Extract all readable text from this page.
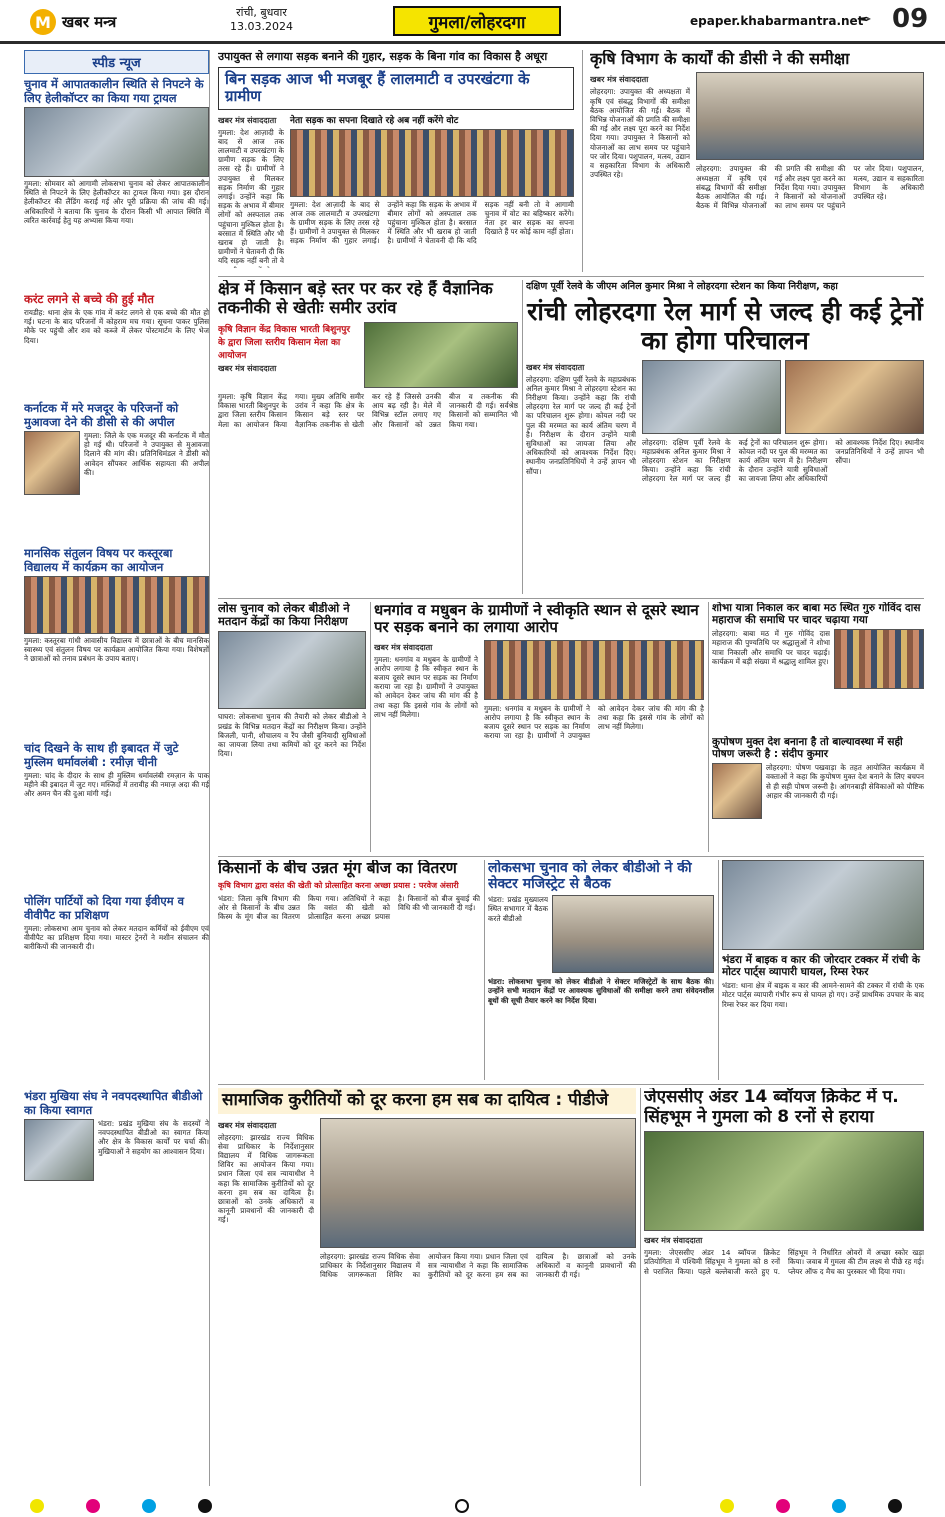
M खबर मन्त्र
रांची, बुधवार
13.03.2024	गुमला/लोहरदगा	epaper.khabarmantra.net
✒ 09
स्पीड न्यूज
चुनाव में आपातकालीन स्थिति से निपटने के लिए हेलीकॉप्टर का किया गया ट्रायल
गुमला: सोमवार को आगामी लोकसभा चुनाव को लेकर आपातकालीन स्थिति से निपटने के लिए हेलीकॉप्टर का ट्रायल किया गया। इस दौरान हेलीकॉप्टर की लैंडिंग कराई गई और पूरी प्रक्रिया की जांच की गई। अधिकारियों ने बताया कि चुनाव के दौरान किसी भी आपात स्थिति में त्वरित कार्रवाई हेतु यह अभ्यास किया गया।
करंट लगने से बच्चे की हुई मौत
रायडीह: थाना क्षेत्र के एक गांव में करंट लगने से एक बच्चे की मौत हो गई। घटना के बाद परिजनों में कोहराम मच गया। सूचना पाकर पुलिस मौके पर पहुंची और शव को कब्जे में लेकर पोस्टमार्टम के लिए भेज दिया।
कर्नाटक में मरे मजदूर के परिजनों को मुआवजा देने की डीसी से की अपील
गुमला: जिले के एक मजदूर की कर्नाटक में मौत हो गई थी। परिजनों ने उपायुक्त से मुआवजा दिलाने की मांग की। प्रतिनिधिमंडल ने डीसी को आवेदन सौंपकर आर्थिक सहायता की अपील की।
मानसिक संतुलन विषय पर कस्तूरबा विद्यालय में कार्यक्रम का आयोजन
गुमला: कस्तूरबा गांधी आवासीय विद्यालय में छात्राओं के बीच मानसिक स्वास्थ्य एवं संतुलन विषय पर कार्यक्रम आयोजित किया गया। विशेषज्ञों ने छात्राओं को तनाव प्रबंधन के उपाय बताए।
चांद दिखने के साथ ही इबादत में जुटे मुस्लिम धर्मावलंबी : रमीज़ चीनी
गुमला: चांद के दीदार के साथ ही मुस्लिम धर्मावलंबी रमज़ान के पाक महीने की इबादत में जुट गए। मस्जिदों में तरावीह की नमाज़ अदा की गई और अमन चैन की दुआ मांगी गई।
पोलिंग पार्टियों को दिया गया ईवीएम व वीवीपैट का प्रशिक्षण
गुमला: लोकसभा आम चुनाव को लेकर मतदान कर्मियों को ईवीएम एवं वीवीपैट का प्रशिक्षण दिया गया। मास्टर ट्रेनरों ने मशीन संचालन की बारीकियों की जानकारी दी।
भंडरा मुखिया संघ ने नवपदस्थापित बीडीओ का किया स्वागत
भंडरा: प्रखंड मुखिया संघ के सदस्यों ने नवपदस्थापित बीडीओ का स्वागत किया और क्षेत्र के विकास कार्यों पर चर्चा की। मुखियाओं ने सहयोग का आश्वासन दिया।
उपायुक्त से लगाया सड़क बनाने की गुहार, सड़क के बिना गांव का विकास है अधूरा
बिन सड़क आज भी मजबूर हैं लालमाटी व उपरखंटगा के ग्रामीण
खबर मंत्र संवाददाता
गुमला: देश आज़ादी के बाद से आज तक लालमाटी व उपरखंटगा के ग्रामीण सड़क के लिए तरस रहे हैं। ग्रामीणों ने उपायुक्त से मिलकर सड़क निर्माण की गुहार लगाई। उन्होंने कहा कि सड़क के अभाव में बीमार लोगों को अस्पताल तक पहुंचाना मुश्किल होता है। बरसात में स्थिति और भी खराब हो जाती है। ग्रामीणों ने चेतावनी दी कि यदि सड़क नहीं बनी तो वे
नेता सड़क का सपना दिखाते रहे अब नहीं करेंगे वोट
गुमला: देश आज़ादी के बाद से आज तक लालमाटी व उपरखंटगा के ग्रामीण सड़क के लिए तरस रहे हैं। ग्रामीणों ने उपायुक्त से मिलकर सड़क निर्माण की गुहार लगाई। उन्होंने कहा कि सड़क के अभाव में बीमार लोगों को अस्पताल तक पहुंचाना मुश्किल होता है। बरसात में स्थिति और भी खराब हो जाती है। ग्रामीणों ने चेतावनी दी कि यदि सड़क नहीं बनी तो वे आगामी चुनाव में वोट का बहिष्कार करेंगे। नेता हर बार सड़क का सपना दिखाते हैं पर कोई काम नहीं होता।
कृषि विभाग के कार्यों की डीसी ने की समीक्षा
खबर मंत्र संवाददाता
लोहरदगा: उपायुक्त की अध्यक्षता में कृषि एवं संबद्ध विभागों की समीक्षा बैठक आयोजित की गई। बैठक में विभिन्न योजनाओं की प्रगति की समीक्षा की गई और लक्ष्य पूरा करने का निर्देश दिया गया। उपायुक्त ने किसानों को योजनाओं का लाभ समय पर पहुंचाने पर जोर दिया। पशुपालन, मत्स्य, उद्यान व सहकारिता विभाग के अधिकारी उपस्थित रहे।
लोहरदगा: उपायुक्त की अध्यक्षता में कृषि एवं संबद्ध विभागों की समीक्षा बैठक आयोजित की गई। बैठक में विभिन्न योजनाओं की प्रगति की समीक्षा की गई और लक्ष्य पूरा करने का निर्देश दिया गया। उपायुक्त ने किसानों को योजनाओं का लाभ समय पर पहुंचाने पर जोर दिया। पशुपालन, मत्स्य, उद्यान व सहकारिता विभाग के अधिकारी उपस्थित रहे।
क्षेत्र में किसान बड़े स्तर पर कर रहे हैं वैज्ञानिक तकनीकी से खेतीः समीर उरांव
कृषि विज्ञान केंद्र विकास भारती बिशुनपुर के द्वारा जिला स्तरीय किसान मेला का आयोजन
खबर मंत्र संवाददाता
गुमला: कृषि विज्ञान केंद्र विकास भारती बिशुनपुर के द्वारा जिला स्तरीय किसान मेला का आयोजन किया गया। मुख्य अतिथि समीर उरांव ने कहा कि क्षेत्र के किसान बड़े स्तर पर वैज्ञानिक तकनीक से खेती कर रहे हैं जिससे उनकी आय बढ़ रही है। मेले में विभिन्न स्टॉल लगाए गए और किसानों को उन्नत बीज व तकनीक की जानकारी दी गई। सर्वश्रेष्ठ किसानों को सम्मानित भी किया गया।
दक्षिण पूर्वी रेलवे के जीएम अनिल कुमार मिश्रा ने लोहरदगा स्टेशन का किया निरीक्षण, कहा
रांची लोहरदगा रेल मार्ग से जल्द ही कई ट्रेनों का होगा परिचालन
खबर मंत्र संवाददाता
लोहरदगा: दक्षिण पूर्वी रेलवे के महाप्रबंधक अनिल कुमार मिश्रा ने लोहरदगा स्टेशन का निरीक्षण किया। उन्होंने कहा कि रांची लोहरदगा रेल मार्ग पर जल्द ही कई ट्रेनों का परिचालन शुरू होगा। कोयल नदी पर पुल की मरम्मत का कार्य अंतिम चरण में है। निरीक्षण के दौरान उन्होंने यात्री सुविधाओं का जायजा लिया और अधिकारियों को आवश्यक निर्देश दिए। स्थानीय जनप्रतिनिधियों ने उन्हें ज्ञापन भी सौंपा।
लोहरदगा: दक्षिण पूर्वी रेलवे के महाप्रबंधक अनिल कुमार मिश्रा ने लोहरदगा स्टेशन का निरीक्षण किया। उन्होंने कहा कि रांची लोहरदगा रेल मार्ग पर जल्द ही कई ट्रेनों का परिचालन शुरू होगा। कोयल नदी पर पुल की मरम्मत का कार्य अंतिम चरण में है। निरीक्षण के दौरान उन्होंने यात्री सुविधाओं का जायजा लिया और अधिकारियों को आवश्यक निर्देश दिए। स्थानीय जनप्रतिनिधियों ने उन्हें ज्ञापन भी सौंपा।
लोस चुनाव को लेकर बीडीओ ने मतदान केंद्रों का किया निरीक्षण
घाघरा: लोकसभा चुनाव की तैयारी को लेकर बीडीओ ने प्रखंड के विभिन्न मतदान केंद्रों का निरीक्षण किया। उन्होंने बिजली, पानी, शौचालय व रैंप जैसी बुनियादी सुविधाओं का जायजा लिया तथा कमियों को दूर करने का निर्देश दिया।
धनगांव व मधुबन के ग्रामीणों ने स्वीकृति स्थान से दूसरे स्थान पर सड़क बनाने का लगाया आरोप
खबर मंत्र संवाददाता
गुमला: धनगांव व मधुबन के ग्रामीणों ने आरोप लगाया है कि स्वीकृत स्थान के बजाय दूसरे स्थान पर सड़क का निर्माण कराया जा रहा है। ग्रामीणों ने उपायुक्त को आवेदन देकर जांच की मांग की है तथा कहा कि इससे गांव के लोगों को लाभ नहीं मिलेगा।
गुमला: धनगांव व मधुबन के ग्रामीणों ने आरोप लगाया है कि स्वीकृत स्थान के बजाय दूसरे स्थान पर सड़क का निर्माण कराया जा रहा है। ग्रामीणों ने उपायुक्त को आवेदन देकर जांच की मांग की है तथा कहा कि इससे गांव के लोगों को लाभ नहीं मिलेगा।
शोभा यात्रा निकाल कर बाबा मठ स्थित गुरु गोविंद दास महाराज की समाधि पर चादर चढ़ाया गया
लोहरदगा: बाबा मठ में गुरु गोविंद दास महाराज की पुण्यतिथि पर श्रद्धालुओं ने शोभा यात्रा निकाली और समाधि पर चादर चढ़ाई। कार्यक्रम में बड़ी संख्या में श्रद्धालु शामिल हुए।
कुपोषण मुक्त देश बनाना है तो बाल्यावस्था में सही पोषण जरूरी है : संदीप कुमार
लोहरदगा: पोषण पखवाड़ा के तहत आयोजित कार्यक्रम में वक्ताओं ने कहा कि कुपोषण मुक्त देश बनाने के लिए बचपन से ही सही पोषण जरूरी है। आंगनबाड़ी सेविकाओं को पौष्टिक आहार की जानकारी दी गई।
किसानों के बीच उन्नत मूंग बीज का वितरण
कृषि विभाग द्वारा वसंत की खेती को प्रोत्साहित करना अच्छा प्रयास : परवेज अंसारी
भंडरा: जिला कृषि विभाग की ओर से किसानों के बीच उन्नत किस्म के मूंग बीज का वितरण किया गया। अतिथियों ने कहा कि वसंत की खेती को प्रोत्साहित करना अच्छा प्रयास है। किसानों को बीज बुवाई की विधि की भी जानकारी दी गई।
लोकसभा चुनाव को लेकर बीडीओ ने की सेक्टर मजिस्ट्रेट से बैठक
भंडरा: प्रखंड मुख्यालय स्थित सभागार में बैठक करते बीडीओ
भंडरा: लोकसभा चुनाव को लेकर बीडीओ ने सेक्टर मजिस्ट्रेटों के साथ बैठक की। उन्होंने सभी मतदान केंद्रों पर आवश्यक सुविधाओं की समीक्षा करने तथा संवेदनशील बूथों की सूची तैयार करने का निर्देश दिया।
भंडरा में बाइक व कार की जोरदार टक्कर में रांची के मोटर पार्ट्स व्यापारी घायल, रिम्स रेफर
भंडरा: थाना क्षेत्र में बाइक व कार की आमने-सामने की टक्कर में रांची के एक मोटर पार्ट्स व्यापारी गंभीर रूप से घायल हो गए। उन्हें प्राथमिक उपचार के बाद रिम्स रेफर कर दिया गया।
सामाजिक कुरीतियों को दूर करना हम सब का दायित्व : पीडीजे
खबर मंत्र संवाददाता
लोहरदगा: झारखंड राज्य विधिक सेवा प्राधिकार के निर्देशानुसार विद्यालय में विधिक जागरूकता शिविर का आयोजन किया गया। प्रधान जिला एवं सत्र न्यायाधीश ने कहा कि सामाजिक कुरीतियों को दूर करना हम सब का दायित्व है। छात्राओं को उनके अधिकारों व कानूनी प्रावधानों की जानकारी दी गई।
लोहरदगा: झारखंड राज्य विधिक सेवा प्राधिकार के निर्देशानुसार विद्यालय में विधिक जागरूकता शिविर का आयोजन किया गया। प्रधान जिला एवं सत्र न्यायाधीश ने कहा कि सामाजिक कुरीतियों को दूर करना हम सब का दायित्व है। छात्राओं को उनके अधिकारों व कानूनी प्रावधानों की जानकारी दी गई।
जेएससीए अंडर 14 ब्वॉयज क्रिकेट में प. सिंहभूम ने गुमला को 8 रनों से हराया
खबर मंत्र संवाददाता
गुमला: जेएससीए अंडर 14 ब्वॉयज क्रिकेट प्रतियोगिता में पश्चिमी सिंहभूम ने गुमला को 8 रनों से पराजित किया। पहले बल्लेबाजी करते हुए प. सिंहभूम ने निर्धारित ओवरों में अच्छा स्कोर खड़ा किया। जवाब में गुमला की टीम लक्ष्य से पीछे रह गई। प्लेयर ऑफ द मैच का पुरस्कार भी दिया गया।
